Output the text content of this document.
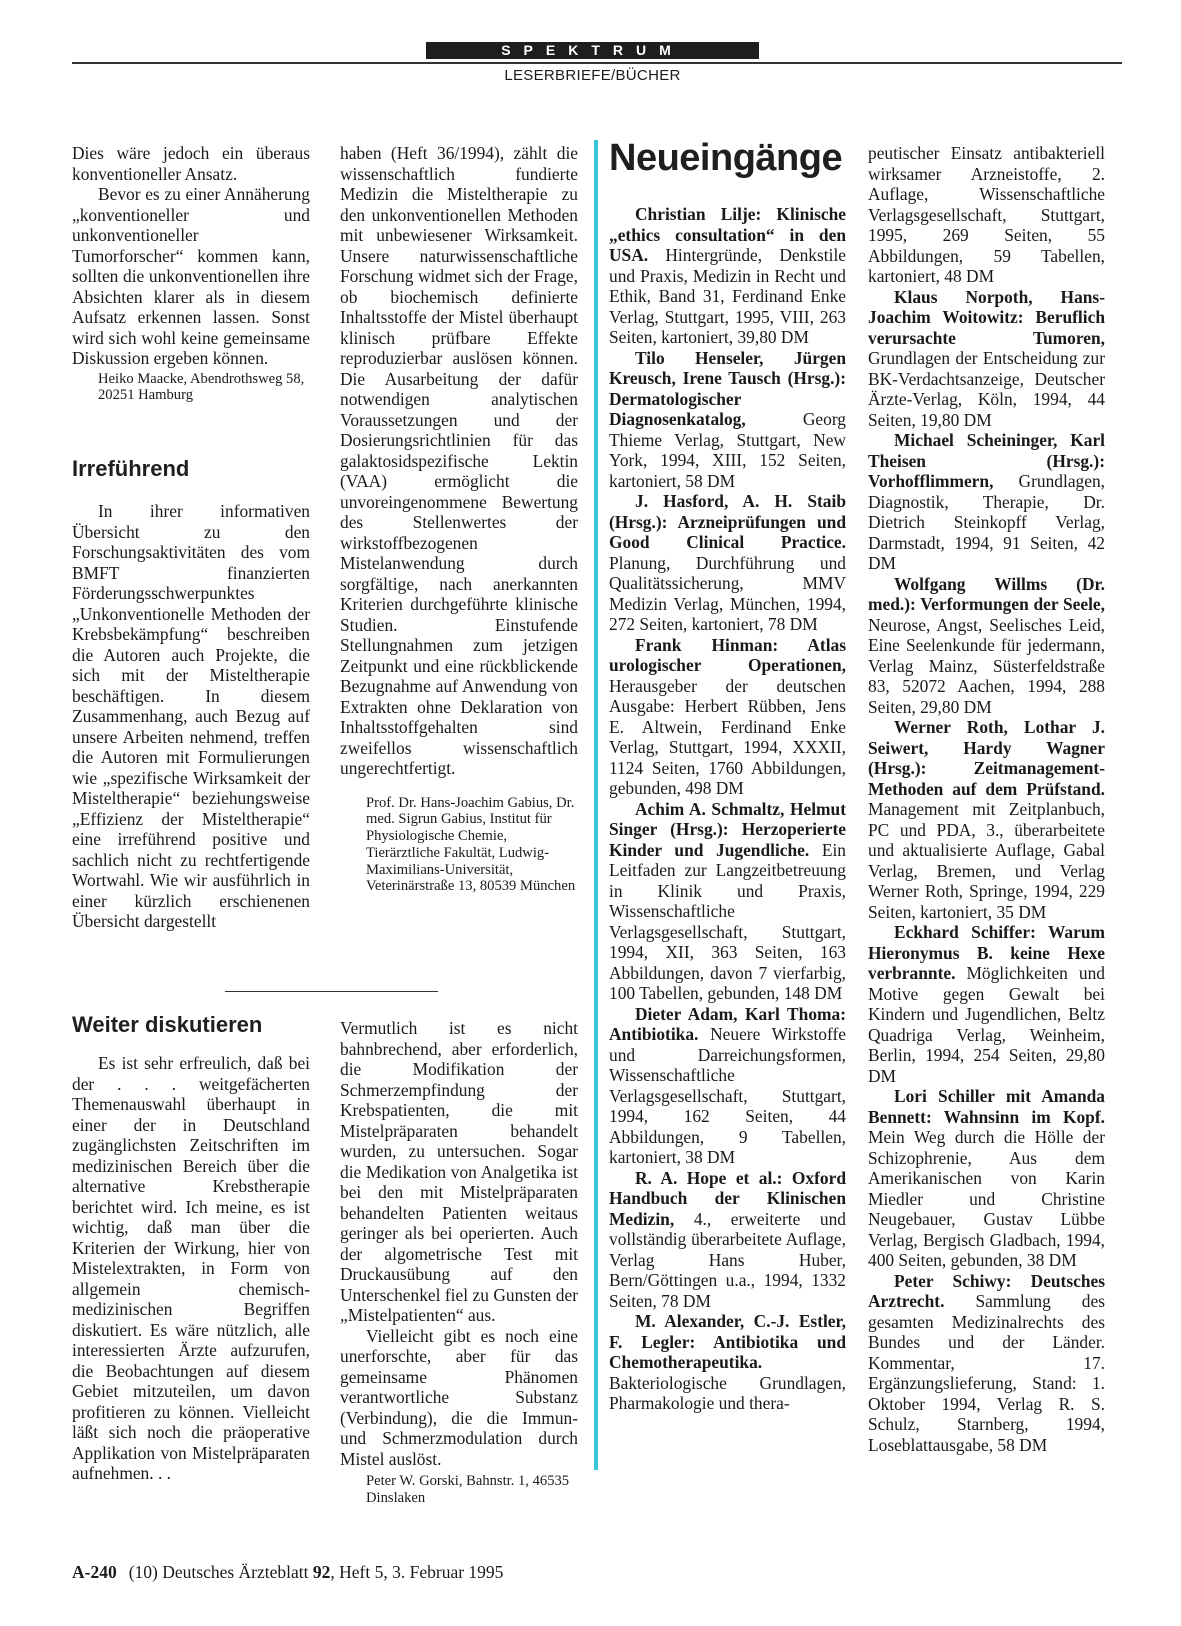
SPEKTRUM
LESERBRIEFE/BÜCHER

Dies wäre jedoch ein überaus konventioneller Ansatz.

Bevor es zu einer Annäherung „konventioneller und unkonventioneller Tumorforscher“ kommen kann, sollten die unkonventionellen ihre Absichten klarer als in diesem Aufsatz erkennen lassen. Sonst wird sich wohl keine gemeinsame Diskussion ergeben können.

Heiko Maacke, Abendrothsweg 58, 20251 Hamburg

Irreführend

In ihrer informativen Übersicht zu den Forschungsaktivitäten des vom BMFT finanzierten Förderungsschwerpunktes „Unkonventionelle Methoden der Krebsbekämpfung“ beschreiben die Autoren auch Projekte, die sich mit der Misteltherapie beschäftigen. In diesem Zusammenhang, auch Bezug auf unsere Arbeiten nehmend, treffen die Autoren mit Formulierungen wie „spezifische Wirksamkeit der Misteltherapie“ beziehungsweise „Effizienz der Misteltherapie“ eine irreführend positive und sachlich nicht zu rechtfertigende Wortwahl. Wie wir ausführlich in einer kürzlich erschienenen Übersicht dargestellt

haben (Heft 36/1994), zählt die wissenschaftlich fundierte Medizin die Misteltherapie zu den unkonventionellen Methoden mit unbewiesener Wirksamkeit. Unsere naturwissenschaftliche Forschung widmet sich der Frage, ob biochemisch definierte Inhaltsstoffe der Mistel überhaupt klinisch prüfbare Effekte reproduzierbar auslösen können. Die Ausarbeitung der dafür notwendigen analytischen Voraussetzungen und der Dosierungsrichtlinien für das galaktosidspezifische Lektin (VAA) ermöglicht die unvoreingenommene Bewertung des Stellenwertes der wirkstoffbezogenen Mistelanwendung durch sorgfältige, nach anerkannten Kriterien durchgeführte klinische Studien. Einstufende Stellungnahmen zum jetzigen Zeitpunkt und eine rückblickende Bezugnahme auf Anwendung von Extrakten ohne Deklaration von Inhaltsstoffgehalten sind zweifellos wissenschaftlich ungerechtfertigt.

Prof. Dr. Hans-Joachim Gabius, Dr. med. Sigrun Gabius, Institut für Physiologische Chemie, Tierärztliche Fakultät, Ludwig-Maximilians-Universität, Veterinärstraße 13, 80539 München

Weiter diskutieren

Es ist sehr erfreulich, daß bei der . . . weitgefächerten Themenauswahl überhaupt in einer der in Deutschland zugänglichsten Zeitschriften im medizinischen Bereich über die alternative Krebstherapie berichtet wird. Ich meine, es ist wichtig, daß man über die Kriterien der Wirkung, hier von Mistelextrakten, in Form von allgemein chemisch-medizinischen Begriffen diskutiert. Es wäre nützlich, alle interessierten Ärzte aufzurufen, die Beobachtungen auf diesem Gebiet mitzuteilen, um davon profitieren zu können. Vielleicht läßt sich noch die präoperative Applikation von Mistelpräparaten aufnehmen. . .

Vermutlich ist es nicht bahnbrechend, aber erforderlich, die Modifikation der Schmerzempfindung der Krebspatienten, die mit Mistelpräparaten behandelt wurden, zu untersuchen. Sogar die Medikation von Analgetika ist bei den mit Mistelpräparaten behandelten Patienten weitaus geringer als bei operierten. Auch der algometrische Test mit Druckausübung auf den Unterschenkel fiel zu Gunsten der „Mistelpatienten“ aus.

Vielleicht gibt es noch eine unerforschte, aber für das gemeinsame Phänomen verantwortliche Substanz (Verbindung), die die Immun- und Schmerzmodulation durch Mistel auslöst.

Peter W. Gorski, Bahnstr. 1, 46535 Dinslaken

Neueingänge

Christian Lilje: Klinische „ethics consultation“ in den USA. Hintergründe, Denkstile und Praxis, Medizin in Recht und Ethik, Band 31, Ferdinand Enke Verlag, Stuttgart, 1995, VIII, 263 Seiten, kartoniert, 39,80 DM

Tilo Henseler, Jürgen Kreusch, Irene Tausch (Hrsg.): Dermatologischer Diagnosenkatalog, Georg Thieme Verlag, Stuttgart, New York, 1994, XIII, 152 Seiten, kartoniert, 58 DM

J. Hasford, A. H. Staib (Hrsg.): Arzneiprüfungen und Good Clinical Practice. Planung, Durchführung und Qualitätssicherung, MMV Medizin Verlag, München, 1994, 272 Seiten, kartoniert, 78 DM

Frank Hinman: Atlas urologischer Operationen, Herausgeber der deutschen Ausgabe: Herbert Rübben, Jens E. Altwein, Ferdinand Enke Verlag, Stuttgart, 1994, XXXII, 1124 Seiten, 1760 Abbildungen, gebunden, 498 DM

Achim A. Schmaltz, Helmut Singer (Hrsg.): Herzoperierte Kinder und Jugendliche. Ein Leitfaden zur Langzeitbetreuung in Klinik und Praxis, Wissenschaftliche Verlagsgesellschaft, Stuttgart, 1994, XII, 363 Seiten, 163 Abbildungen, davon 7 vierfarbig, 100 Tabellen, gebunden, 148 DM

Dieter Adam, Karl Thoma: Antibiotika. Neuere Wirkstoffe und Darreichungsformen, Wissenschaftliche Verlagsgesellschaft, Stuttgart, 1994, 162 Seiten, 44 Abbildungen, 9 Tabellen, kartoniert, 38 DM

R. A. Hope et al.: Oxford Handbuch der Klinischen Medizin, 4., erweiterte und vollständig überarbeitete Auflage, Verlag Hans Huber, Bern/Göttingen u.a., 1994, 1332 Seiten, 78 DM

M. Alexander, C.-J. Estler, F. Legler: Antibiotika und Chemotherapeutika. Bakteriologische Grundlagen, Pharmakologie und thera-

peutischer Einsatz antibakteriell wirksamer Arzneistoffe, 2. Auflage, Wissenschaftliche Verlagsgesellschaft, Stuttgart, 1995, 269 Seiten, 55 Abbildungen, 59 Tabellen, kartoniert, 48 DM

Klaus Norpoth, Hans-Joachim Woitowitz: Beruflich verursachte Tumoren, Grundlagen der Entscheidung zur BK-Verdachtsanzeige, Deutscher Ärzte-Verlag, Köln, 1994, 44 Seiten, 19,80 DM

Michael Scheininger, Karl Theisen (Hrsg.): Vorhofflimmern, Grundlagen, Diagnostik, Therapie, Dr. Dietrich Steinkopff Verlag, Darmstadt, 1994, 91 Seiten, 42 DM

Wolfgang Willms (Dr. med.): Verformungen der Seele, Neurose, Angst, Seelisches Leid, Eine Seelenkunde für jedermann, Verlag Mainz, Süsterfeldstraße 83, 52072 Aachen, 1994, 288 Seiten, 29,80 DM

Werner Roth, Lothar J. Seiwert, Hardy Wagner (Hrsg.): Zeitmanagement-Methoden auf dem Prüfstand. Management mit Zeitplanbuch, PC und PDA, 3., überarbeitete und aktualisierte Auflage, Gabal Verlag, Bremen, und Verlag Werner Roth, Springe, 1994, 229 Seiten, kartoniert, 35 DM

Eckhard Schiffer: Warum Hieronymus B. keine Hexe verbrannte. Möglichkeiten und Motive gegen Gewalt bei Kindern und Jugendlichen, Beltz Quadriga Verlag, Weinheim, Berlin, 1994, 254 Seiten, 29,80 DM

Lori Schiller mit Amanda Bennett: Wahnsinn im Kopf. Mein Weg durch die Hölle der Schizophrenie, Aus dem Amerikanischen von Karin Miedler und Christine Neugebauer, Gustav Lübbe Verlag, Bergisch Gladbach, 1994, 400 Seiten, gebunden, 38 DM

Peter Schiwy: Deutsches Arztrecht. Sammlung des gesamten Medizinalrechts des Bundes und der Länder. Kommentar, 17. Ergänzungslieferung, Stand: 1. Oktober 1994, Verlag R. S. Schulz, Starnberg, 1994, Loseblattausgabe, 58 DM

A-240 (10) Deutsches Ärzteblatt 92, Heft 5, 3. Februar 1995
